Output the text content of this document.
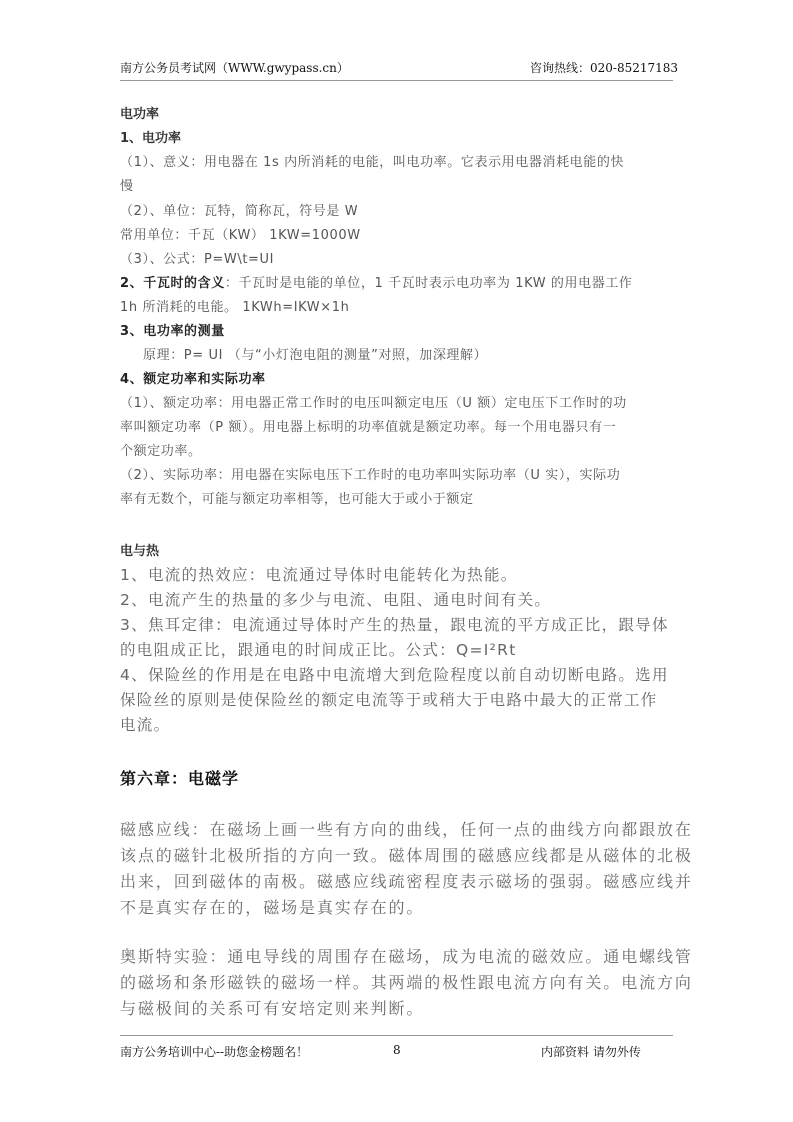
南方公务员考试网（WWW.gwypass.cn）	咨询热线：020-85217183
电功率
1、电功率
（1）、意义：用电器在 1s 内所消耗的电能，叫电功率。它表示用电器消耗电能的快
慢
（2）、单位：瓦特，简称瓦，符号是 W
常用单位：千瓦（KW） 1KW=1000W
（3）、公式：P=W\t=UI
2、千瓦时的含义：千瓦时是电能的单位，1 千瓦时表示电功率为 1KW 的用电器工作
1h 所消耗的电能。 1KWh=IKW×1h
3、电功率的测量
原理：P= UI （与“小灯泡电阻的测量”对照，加深理解）
4、额定功率和实际功率
（1）、额定功率：用电器正常工作时的电压叫额定电压（U 额）定电压下工作时的功
率叫额定功率（P 额）。用电器上标明的功率值就是额定功率。每一个用电器只有一
个额定功率。
（2）、实际功率：用电器在实际电压下工作时的电功率叫实际功率（U 实），实际功
率有无数个，可能与额定功率相等，也可能大于或小于额定
电与热
1、电流的热效应：电流通过导体时电能转化为热能。
2、电流产生的热量的多少与电流、电阻、通电时间有关。
3、焦耳定律：电流通过导体时产生的热量，跟电流的平方成正比，跟导体
的电阻成正比，跟通电的时间成正比。公式：Q=I²Rt
4、保险丝的作用是在电路中电流增大到危险程度以前自动切断电路。选用
保险丝的原则是使保险丝的额定电流等于或稍大于电路中最大的正常工作
电流。
第六章：电磁学
磁感应线：在磁场上画一些有方向的曲线，任何一点的曲线方向都跟放在
该点的磁针北极所指的方向一致。磁体周围的磁感应线都是从磁体的北极
出来，回到磁体的南极。磁感应线疏密程度表示磁场的强弱。磁感应线并
不是真实存在的，磁场是真实存在的。
奥斯特实验：通电导线的周围存在磁场，成为电流的磁效应。通电螺线管
的磁场和条形磁铁的磁场一样。其两端的极性跟电流方向有关。电流方向
与磁极间的关系可有安培定则来判断。
南方公务培训中心--助您金榜题名！	8	内部资料 请勿外传
